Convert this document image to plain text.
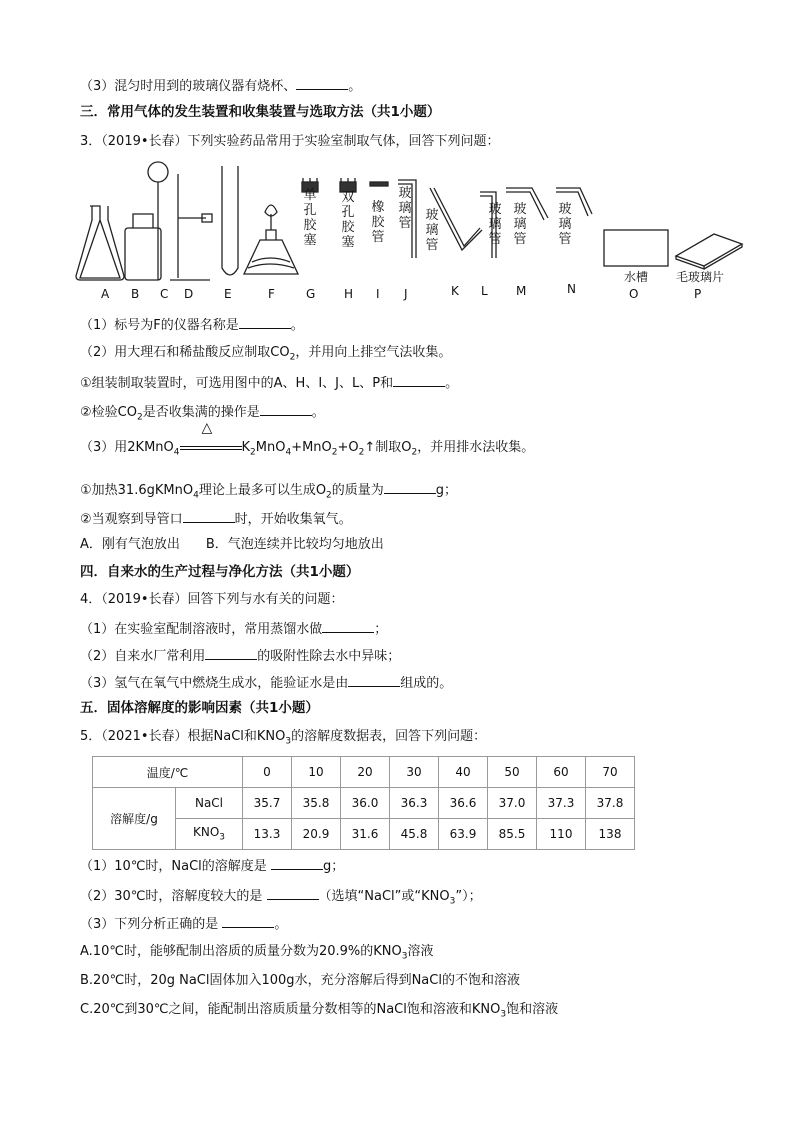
（3）混匀时用到的玻璃仪器有烧杯、	。
三．常用气体的发生装置和收集装置与选取方法（共1小题）
3．（2019•长春）下列实验药品常用于实验室制取气体，回答下列问题：
单
孔
胶
塞
双
孔
胶
塞
橡
胶
管
玻
璃
管
玻
璃
管
玻
璃
管
玻
璃
管
玻
璃
管
水槽 毛玻璃片
A B C D	E	F	G H I J	K L M	N	O	P
（1）标号为F的仪器名称是	。
（2）用大理石和稀盐酸反应制取$CO_2$，并用向上排空气法收集。
①组装制取装置时，可选用图中的A、H、I、J、L、P和	。
②检验$CO_2$是否收集满的操作是	。
（3）用2KMnO$_4$
△
$K_2MnO_4+MnO_2+O_2↑$制取$O_2$，并用排水法收集。
①加热31.6gKMnO$_4$理论上最多可以生成$O_2$的质量为	g；
②当观察到导管口	时，开始收集氧气。
A．刚有气泡放出　　B．气泡连续并比较均匀地放出
四．自来水的生产过程与净化方法（共1小题）
4．（2019•长春）回答下列与水有关的问题：
（1）在实验室配制溶液时，常用蒸馏水做	；
（2）自来水厂常利用	的吸附性除去水中异味；
（3）氢气在氧气中燃烧生成水，能验证水是由	组成的。
五．固体溶解度的影响因素（共1小题）
5．（2021•长春）根据NaCl和$KNO_3$的溶解度数据表，回答下列问题：
温度/℃		0	10	20	30	40	50	60	70
溶解度/g	NaCl	35.7	35.8	36.0	36.3	36.6	37.0	37.3	37.8
	$KNO_3$	13.3	20.9	31.6	45.8	63.9	85.5	110	138
（1）10℃时，NaCl的溶解度是	g；
（2）30℃时，溶解度较大的是	（选填“NaCl”或“$KNO_3$”）；
（3）下列分析正确的是	。
A.10℃时，能够配制出溶质的质量分数为20.9%的$KNO_3$溶液
B.20℃时，20g NaCl固体加入100g水，充分溶解后得到NaCl的不饱和溶液
C.20℃到30℃之间，能配制出溶质质量分数相等的NaCl饱和溶液和$KNO_3$饱和溶液
